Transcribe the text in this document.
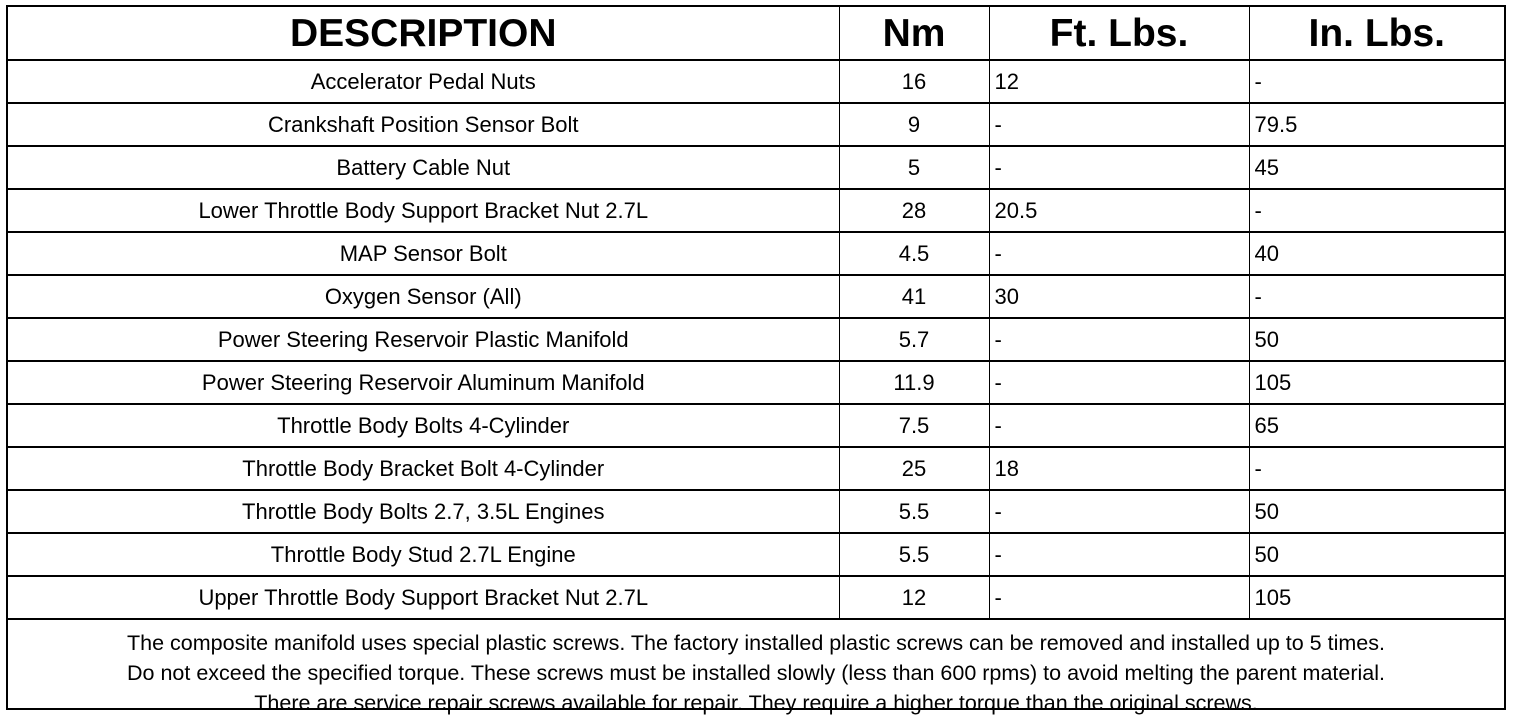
DESCRIPTION	Nm	Ft. Lbs.	In. Lbs.
Accelerator Pedal Nuts	16	12	-
Crankshaft Position Sensor Bolt	9	-	79.5
Battery Cable Nut	5	-	45
Lower Throttle Body Support Bracket Nut 2.7L	28	20.5	-
MAP Sensor Bolt	4.5	-	40
Oxygen Sensor (All)	41	30	-
Power Steering Reservoir Plastic Manifold	5.7	-	50
Power Steering Reservoir Aluminum Manifold	11.9	-	105
Throttle Body Bolts 4-Cylinder	7.5	-	65
Throttle Body Bracket Bolt 4-Cylinder	25	18	-
Throttle Body Bolts 2.7, 3.5L Engines	5.5	-	50
Throttle Body Stud 2.7L Engine	5.5	-	50
Upper Throttle Body Support Bracket Nut 2.7L	12	-	105

The composite manifold uses special plastic screws. The factory installed plastic screws can be removed and installed up to 5 times.

Do not exceed the specified torque. These screws must be installed slowly (less than 600 rpms) to avoid melting the parent material.

There are service repair screws available for repair. They require a higher torque than the original screws.
